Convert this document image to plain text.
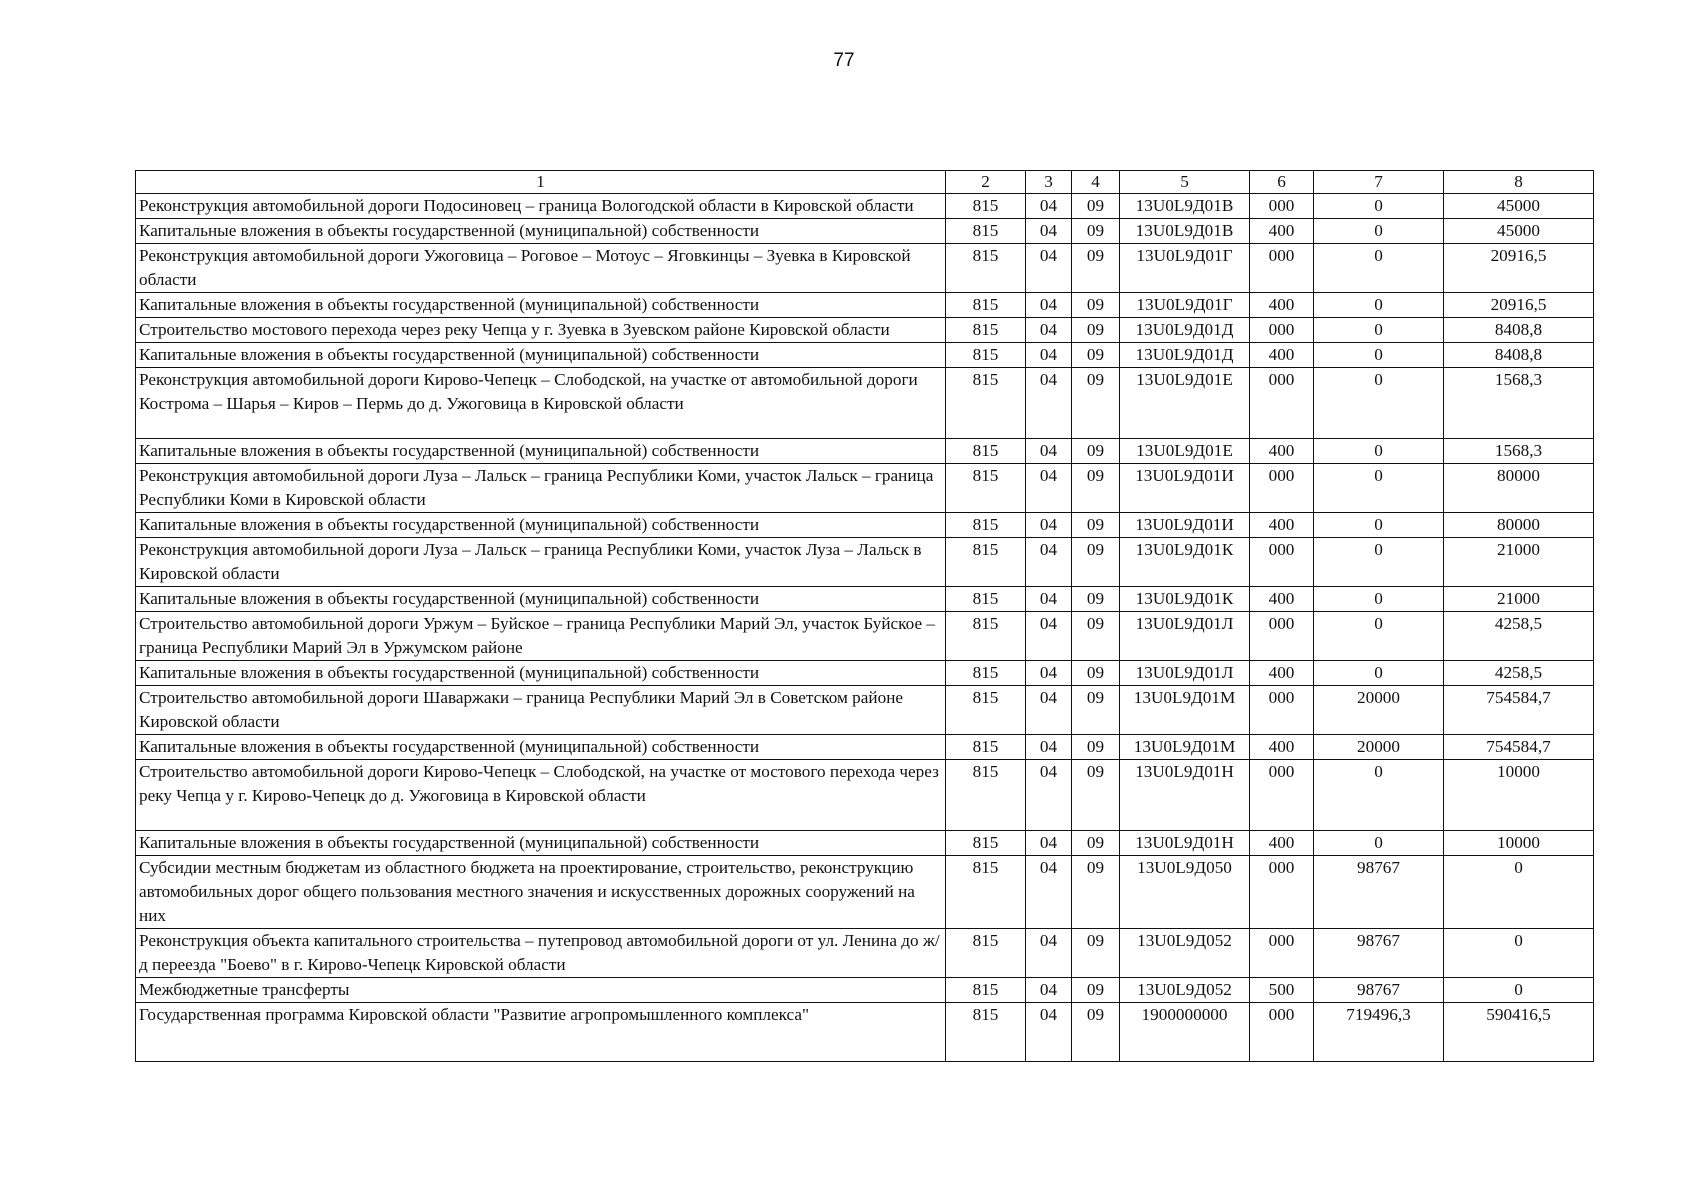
77
1	2	3	4	5	6	7	8
Реконструкция автомобильной дороги Подосиновец – граница Вологодской области в Кировской области	815	04	09	13U0L9Д01В	000	0	45000
Капитальные вложения в объекты государственной (муниципальной) собственности	815	04	09	13U0L9Д01В	400	0	45000
Реконструкция автомобильной дороги Ужоговица – Роговое – Мотоус – Яговкинцы – Зуевка в Кировской области	815	04	09	13U0L9Д01Г	000	0	20916,5
Капитальные вложения в объекты государственной (муниципальной) собственности	815	04	09	13U0L9Д01Г	400	0	20916,5
Строительство мостового перехода через реку Чепца у г. Зуевка в Зуевском районе Кировской области	815	04	09	13U0L9Д01Д	000	0	8408,8
Капитальные вложения в объекты государственной (муниципальной) собственности	815	04	09	13U0L9Д01Д	400	0	8408,8
Реконструкция автомобильной дороги Кирово-Чепецк – Слободской, на участке от автомобильной дороги Кострома – Шарья – Киров – Пермь до д. Ужоговица в Кировской области	815	04	09	13U0L9Д01Е	000	0	1568,3
Капитальные вложения в объекты государственной (муниципальной) собственности	815	04	09	13U0L9Д01Е	400	0	1568,3
Реконструкция автомобильной дороги Луза – Лальск – граница Республики Коми, участок Лальск – граница Республики Коми в Кировской области	815	04	09	13U0L9Д01И	000	0	80000
Капитальные вложения в объекты государственной (муниципальной) собственности	815	04	09	13U0L9Д01И	400	0	80000
Реконструкция автомобильной дороги Луза – Лальск – граница Республики Коми, участок Луза – Лальск в Кировской области	815	04	09	13U0L9Д01К	000	0	21000
Капитальные вложения в объекты государственной (муниципальной) собственности	815	04	09	13U0L9Д01К	400	0	21000
Строительство автомобильной дороги Уржум – Буйское – граница Республики Марий Эл, участок Буйское – граница Республики Марий Эл в Уржумском районе	815	04	09	13U0L9Д01Л	000	0	4258,5
Капитальные вложения в объекты государственной (муниципальной) собственности	815	04	09	13U0L9Д01Л	400	0	4258,5
Строительство автомобильной дороги Шаваржаки – граница Республики Марий Эл в Советском районе Кировской области	815	04	09	13U0L9Д01М	000	20000	754584,7
Капитальные вложения в объекты государственной (муниципальной) собственности	815	04	09	13U0L9Д01М	400	20000	754584,7
Строительство автомобильной дороги Кирово-Чепецк – Слободской, на участке от мостового перехода через реку Чепца у г. Кирово-Чепецк до д. Ужоговица в Кировской области	815	04	09	13U0L9Д01Н	000	0	10000
Капитальные вложения в объекты государственной (муниципальной) собственности	815	04	09	13U0L9Д01Н	400	0	10000
Субсидии местным бюджетам из областного бюджета на проектирование, строительство, реконструкцию автомобильных дорог общего пользования местного значения и искусственных дорожных сооружений на них	815	04	09	13U0L9Д050	000	98767	0
Реконструкция объекта капитального строительства – путепровод автомобильной дороги от ул. Ленина до ж/д переезда "Боево" в г. Кирово-Чепецк Кировской области	815	04	09	13U0L9Д052	000	98767	0
Межбюджетные трансферты	815	04	09	13U0L9Д052	500	98767	0
Государственная программа Кировской области "Развитие агропромышленного комплекса"	815	04	09	1900000000	000	719496,3	590416,5
